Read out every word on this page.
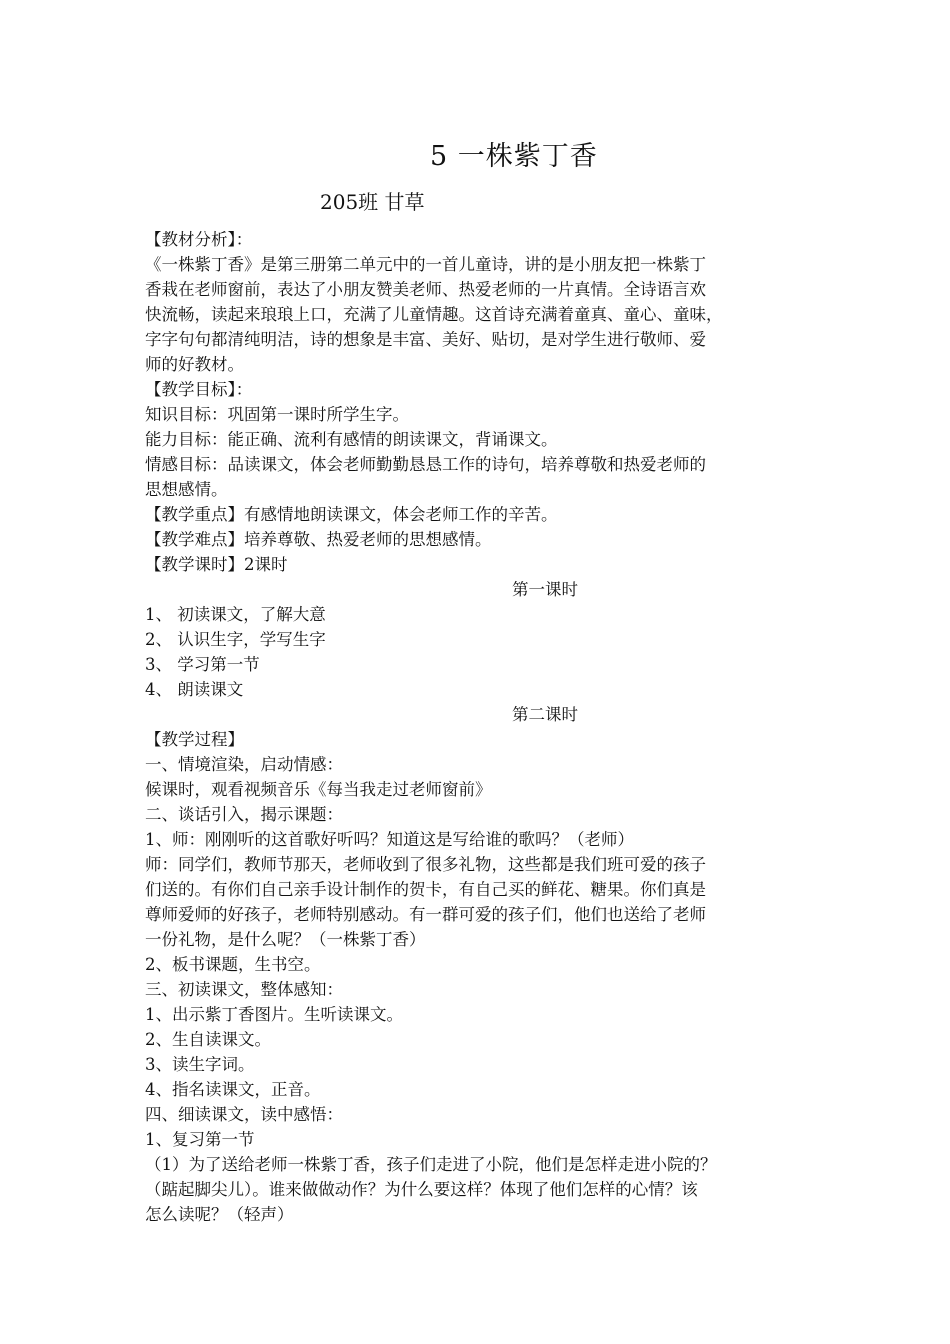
5 一株紫丁香
205班 甘草
【教材分析】：
《一株紫丁香》是第三册第二单元中的一首儿童诗，讲的是小朋友把一株紫丁
香栽在老师窗前，表达了小朋友赞美老师、热爱老师的一片真情。全诗语言欢
快流畅，读起来琅琅上口，充满了儿童情趣。这首诗充满着童真、童心、童味，
字字句句都清纯明洁，诗的想象是丰富、美好、贴切，是对学生进行敬师、爱
师的好教材。
【教学目标】：
知识目标：巩固第一课时所学生字。
能力目标：能正确、流利有感情的朗读课文，背诵课文。
情感目标：品读课文，体会老师勤勤恳恳工作的诗句，培养尊敬和热爱老师的
思想感情。
【教学重点】有感情地朗读课文，体会老师工作的辛苦。
【教学难点】培养尊敬、热爱老师的思想感情。
【教学课时】2课时
第一课时
1、 初读课文，了解大意
2、 认识生字，学写生字
3、 学习第一节
4、 朗读课文
第二课时
【教学过程】
一、情境渲染，启动情感：
候课时，观看视频音乐《每当我走过老师窗前》
二、谈话引入，揭示课题：
1、师：刚刚听的这首歌好听吗？知道这是写给谁的歌吗？（老师）
师：同学们，教师节那天，老师收到了很多礼物，这些都是我们班可爱的孩子
们送的。有你们自己亲手设计制作的贺卡，有自己买的鲜花、糖果。你们真是
尊师爱师的好孩子，老师特别感动。有一群可爱的孩子们，他们也送给了老师
一份礼物，是什么呢？（一株紫丁香）
2、板书课题，生书空。
三、初读课文，整体感知：
1、出示紫丁香图片。生听读课文。
2、生自读课文。
3、读生字词。
4、指名读课文，正音。
四、细读课文，读中感悟：
1、复习第一节
（1）为了送给老师一株紫丁香，孩子们走进了小院，他们是怎样走进小院的？
（踮起脚尖儿）。谁来做做动作？为什么要这样？体现了他们怎样的心情？该
怎么读呢？（轻声）
